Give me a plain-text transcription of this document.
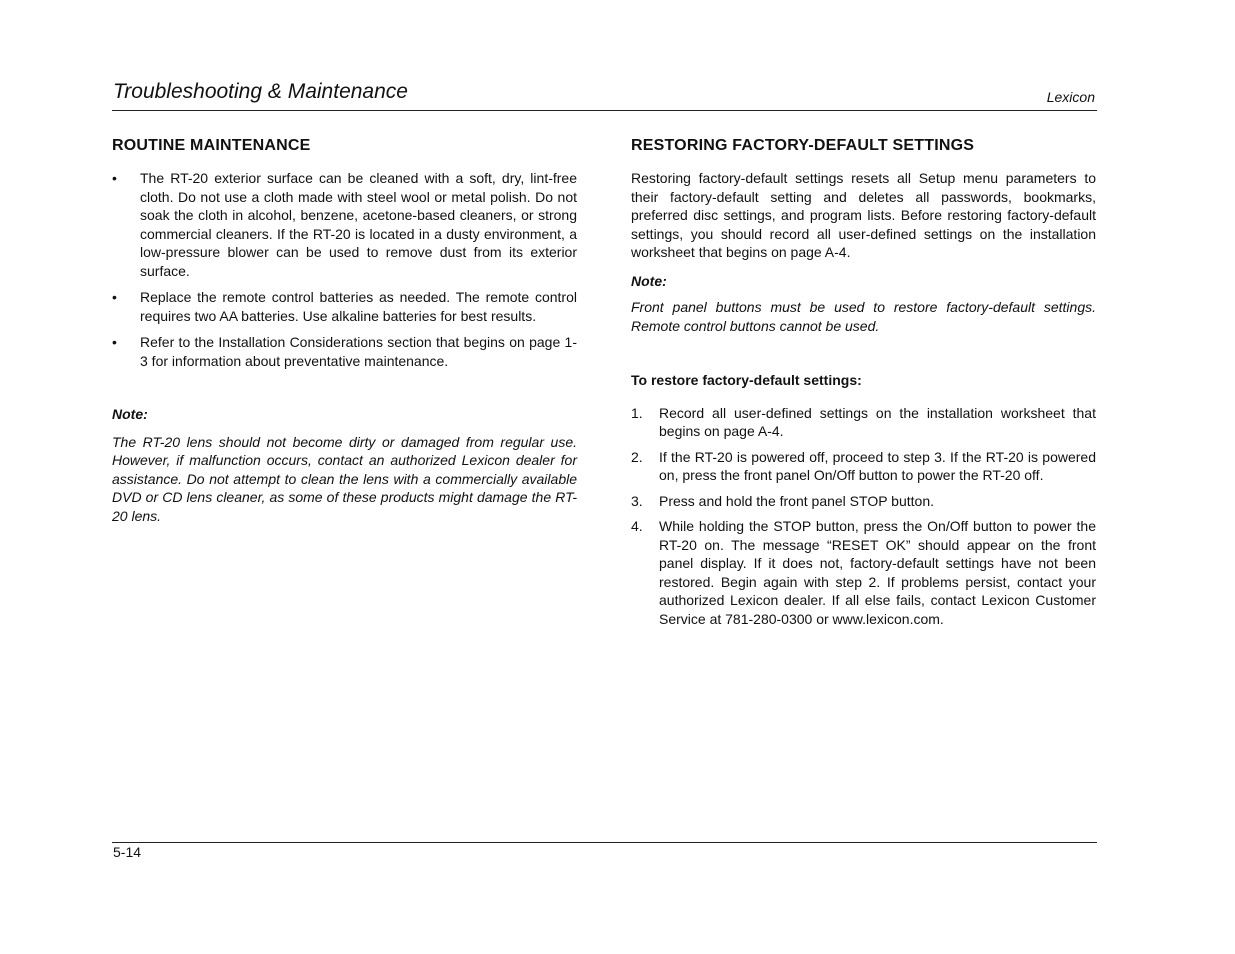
Troubleshooting & Maintenance	Lexicon
ROUTINE MAINTENANCE
• The RT-20 exterior surface can be cleaned with a soft, dry, lint-free cloth. Do not use a cloth made with steel wool or metal polish. Do not soak the cloth in alcohol, benzene, acetone-based cleaners, or strong commercial cleaners. If the RT-20 is located in a dusty environment, a low-pressure blower can be used to remove dust from its exterior surface.
• Replace the remote control batteries as needed. The remote control requires two AA batteries. Use alkaline batteries for best results.
• Refer to the Installation Considerations section that begins on page 1-3 for information about preventative maintenance.

Note:

The RT-20 lens should not become dirty or damaged from regular use. However, if malfunction occurs, contact an authorized Lexicon dealer for assistance. Do not attempt to clean the lens with a commercially available DVD or CD lens cleaner, as some of these products might damage the RT-20 lens.

RESTORING FACTORY-DEFAULT SETTINGS

Restoring factory-default settings resets all Setup menu parameters to their factory-default setting and deletes all passwords, bookmarks, preferred disc settings, and program lists. Before restoring factory-default settings, you should record all user-defined settings on the installation worksheet that begins on page A-4.

Note:

Front panel buttons must be used to restore factory-default settings. Remote control buttons cannot be used.

To restore factory-default settings:

1. Record all user-defined settings on the installation worksheet that begins on page A-4.
2. If the RT-20 is powered off, proceed to step 3. If the RT-20 is powered on, press the front panel On/Off button to power the RT-20 off.
3. Press and hold the front panel STOP button.
4. While holding the STOP button, press the On/Off button to power the RT-20 on. The message “RESET OK” should appear on the front panel display. If it does not, factory-default settings have not been restored. Begin again with step 2. If problems persist, contact your authorized Lexicon dealer. If all else fails, contact Lexicon Customer Service at 781-280-0300 or www.lexicon.com.
5-14
